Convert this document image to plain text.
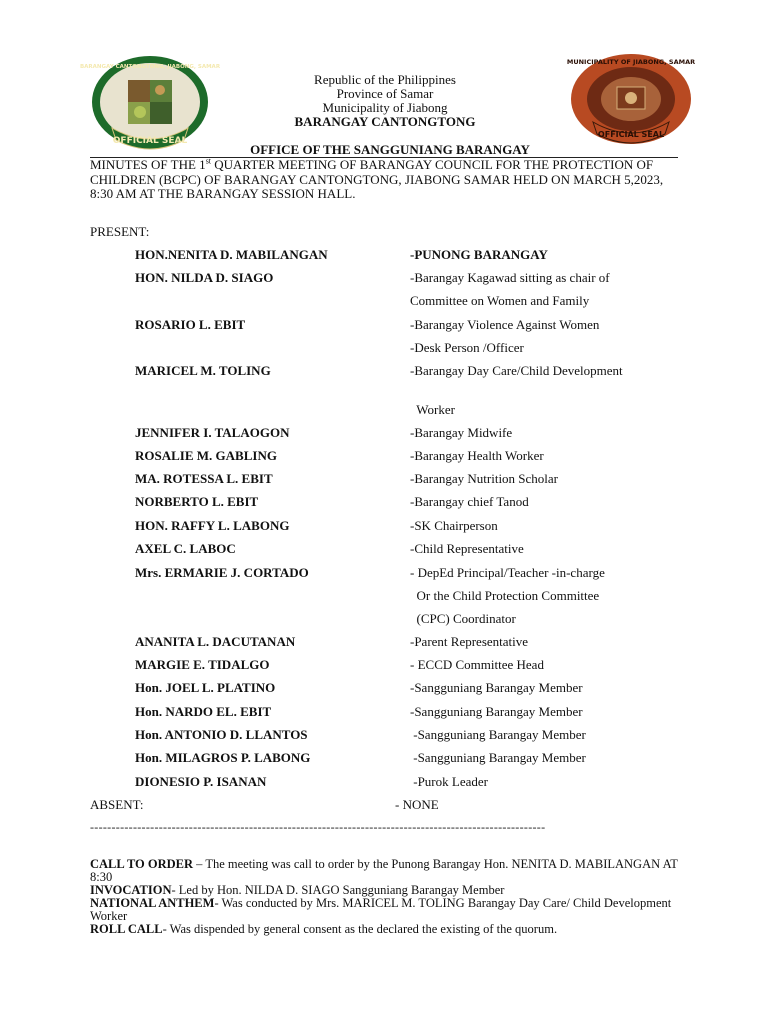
OFFICIAL SEAL
BARANGAY CANTONGTONG, JIABONG, SAMAR
OFFICIAL SEAL
MUNICIPALITY OF JIABONG, SAMAR
Republic of the Philippines
Province of Samar
Municipality of Jiabong
BARANGAY CANTONGTONG
OFFICE OF THE SANGGUNIANG BARANGAY
MINUTES OF THE 1st QUARTER MEETING OF BARANGAY COUNCIL FOR THE PROTECTION OF CHILDREN (BCPC) OF BARANGAY CANTONGTONG, JIABONG SAMAR HELD ON MARCH 5,2023, 8:30 AM AT THE BARANGAY SESSION HALL.
PRESENT:
HON.NENITA D. MABILANGAN	-PUNONG BARANGAY
HON. NILDA D. SIAGO	-Barangay Kagawad sitting as chair of
Committee on Women and Family
ROSARIO L. EBIT	-Barangay Violence Against Women
-Desk Person /Officer
MARICEL M. TOLING	-Barangay Day Care/Child Development
Worker
JENNIFER I. TALAOGON	-Barangay Midwife
ROSALIE M. GABLING	-Barangay Health Worker
MA. ROTESSA L. EBIT	-Barangay Nutrition Scholar
NORBERTO L. EBIT	-Barangay chief Tanod
HON. RAFFY L. LABONG	-SK Chairperson
AXEL C. LABOC	-Child Representative
Mrs. ERMARIE J. CORTADO	- DepEd Principal/Teacher -in-charge
Or the Child Protection Committee
(CPC) Coordinator
ANANITA L. DACUTANAN	-Parent Representative
MARGIE E. TIDALGO	- ECCD Committee Head
Hon. JOEL L. PLATINO	-Sangguniang Barangay Member
Hon. NARDO EL. EBIT	-Sangguniang Barangay Member
Hon. ANTONIO D. LLANTOS	-Sangguniang Barangay Member
Hon. MILAGROS P. LABONG	-Sangguniang Barangay Member
DIONESIO P. ISANAN	-Purok Leader
ABSENT:	- NONE
----------------------------------------------------------------------------------------------------------
CALL TO ORDER – The meeting was call to order by the Punong Barangay Hon. NENITA D. MABILANGAN AT 8:30
INVOCATION- Led by Hon. NILDA D. SIAGO Sangguniang Barangay Member
NATIONAL ANTHEM- Was conducted by Mrs. MARICEL M. TOLING Barangay Day Care/ Child Development Worker
ROLL CALL- Was dispended by general consent as the declared the existing of the quorum.
